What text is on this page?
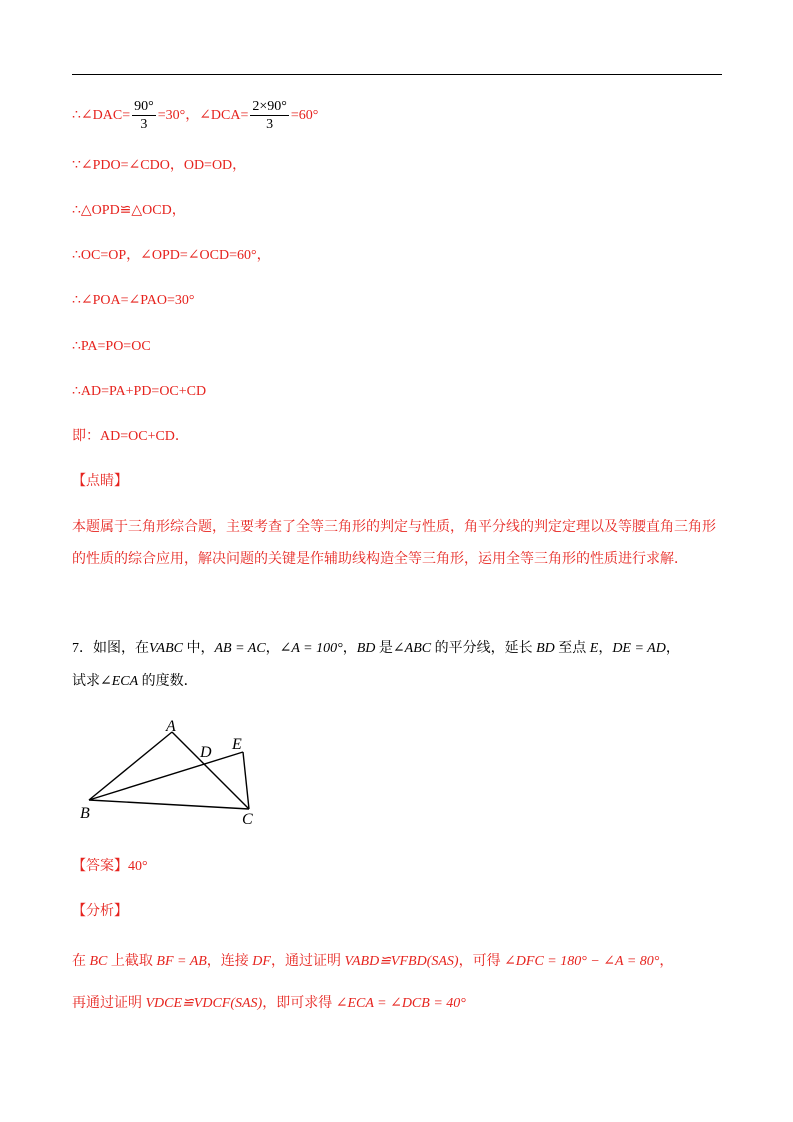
∴∠DAC= $\frac{90^\circ}{3} =30^\circ$，∠DCA= $\frac{2\times 90^\circ}{3} =60^\circ$
∵∠PDO=∠CDO，OD=OD，
∴△OPD≌△OCD，
∴OC=OP，∠OPD=∠OCD=60°，
∴∠POA=∠PAO=30°
∴PA=PO=OC
∴AD=PA+PD=OC+CD
即：AD=OC+CD．
【点睛】
本题属于三角形综合题，主要考查了全等三角形的判定与性质，角平分线的判定定理以及等腰直角三角形
的性质的综合应用，解决问题的关键是作辅助线构造全等三角形，运用全等三角形的性质进行求解．
7．如图，在VABC 中，AB = AC，∠A = 100°，BD 是∠ABC 的平分线，延长 BD 至点 E，DE = AD，
试求∠ECA 的度数．
A
D E
B	C
【答案】40°
【分析】
在 BC 上截取 BF = AB，连接 DF，通过证明 VABD≌VFBD(SAS)，可得 ∠DFC = 180° − ∠A = 80°，
再通过证明 VDCE≌VDCF(SAS)，即可求得 ∠ECA = ∠DCB = 40°
